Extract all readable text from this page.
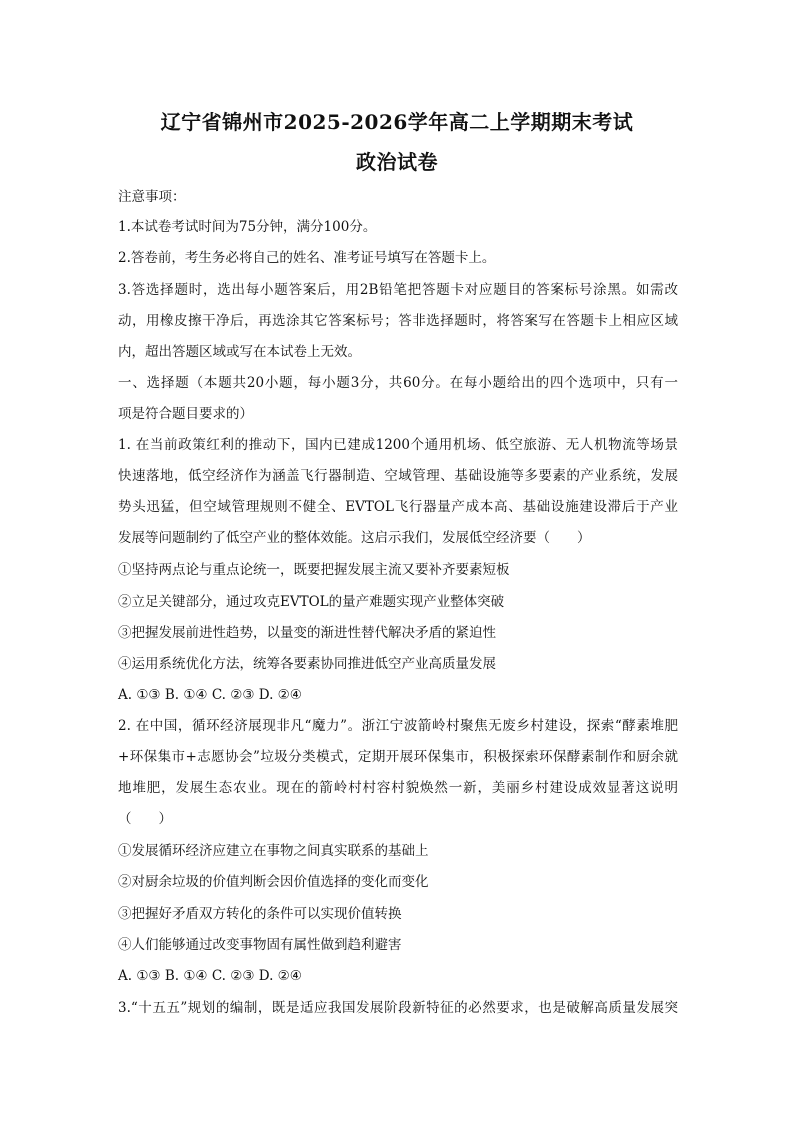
辽宁省锦州市2025-2026学年高二上学期期末考试
政治试卷
注意事项：
1.本试卷考试时间为75分钟，满分100分。
2.答卷前，考生务必将自己的姓名、准考证号填写在答题卡上。
3.答选择题时，选出每小题答案后，用2B铅笔把答题卡对应题目的答案标号涂黑。如需改
动，用橡皮擦干净后，再选涂其它答案标号；答非选择题时，将答案写在答题卡上相应区域
内，超出答题区域或写在本试卷上无效。
一、选择题（本题共20小题，每小题3分，共60分。在每小题给出的四个选项中，只有一
项是符合题目要求的）
1. 在当前政策红利的推动下，国内已建成1200个通用机场、低空旅游、无人机物流等场景
快速落地，低空经济作为涵盖飞行器制造、空域管理、基础设施等多要素的产业系统，发展
势头迅猛，但空域管理规则不健全、EVTOL飞行器量产成本高、基础设施建设滞后于产业
发展等问题制约了低空产业的整体效能。这启示我们，发展低空经济要（　　）
①坚持两点论与重点论统一，既要把握发展主流又要补齐要素短板
②立足关键部分，通过攻克EVTOL的量产难题实现产业整体突破
③把握发展前进性趋势，以量变的渐进性替代解决矛盾的紧迫性
④运用系统优化方法，统筹各要素协同推进低空产业高质量发展
A. ①③ B. ①④ C. ②③ D. ②④
2. 在中国，循环经济展现非凡“魔力”。浙江宁波箭岭村聚焦无废乡村建设，探索“酵素堆肥
+环保集市+志愿协会”垃圾分类模式，定期开展环保集市，积极探索环保酵素制作和厨余就
地堆肥，发展生态农业。现在的箭岭村村容村貌焕然一新，美丽乡村建设成效显著这说明
（　　）
①发展循环经济应建立在事物之间真实联系的基础上
②对厨余垃圾的价值判断会因价值选择的变化而变化
③把握好矛盾双方转化的条件可以实现价值转换
④人们能够通过改变事物固有属性做到趋利避害
A. ①③ B. ①④ C. ②③ D. ②④
3.“十五五”规划的编制，既是适应我国发展阶段新特征的必然要求，也是破解高质量发展突
